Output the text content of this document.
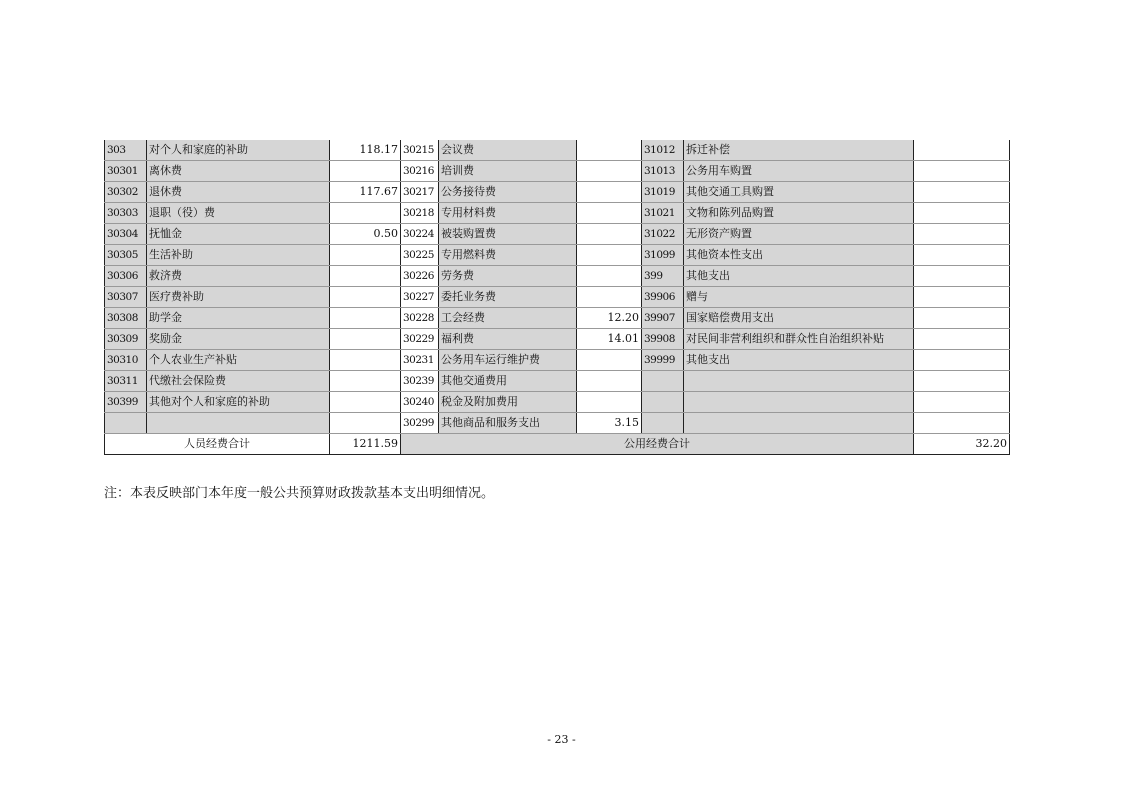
303	对个人和家庭的补助	118.17	30215	会议费		31012	拆迁补偿	
30301	离休费		30216	培训费		31013	公务用车购置	
30302	退休费	117.67	30217	公务接待费		31019	其他交通工具购置	
30303	退职（役）费		30218	专用材料费		31021	文物和陈列品购置	
30304	抚恤金	0.50	30224	被装购置费		31022	无形资产购置	
30305	生活补助		30225	专用燃料费		31099	其他资本性支出	
30306	救济费		30226	劳务费		399	其他支出	
30307	医疗费补助		30227	委托业务费		39906	赠与	
30308	助学金		30228	工会经费	12.20	39907	国家赔偿费用支出	
30309	奖励金		30229	福利费	14.01	39908	对民间非营利组织和群众性自治组织补贴	
30310	个人农业生产补贴		30231	公务用车运行维护费		39999	其他支出	
30311	代缴社会保险费		30239	其他交通费用				
30399	其他对个人和家庭的补助		30240	税金及附加费用				
			30299	其他商品和服务支出	3.15			
人员经费合计		1211.59	公用经费合计					32.20
注：本表反映部门本年度一般公共预算财政拨款基本支出明细情况。
- 23 -
